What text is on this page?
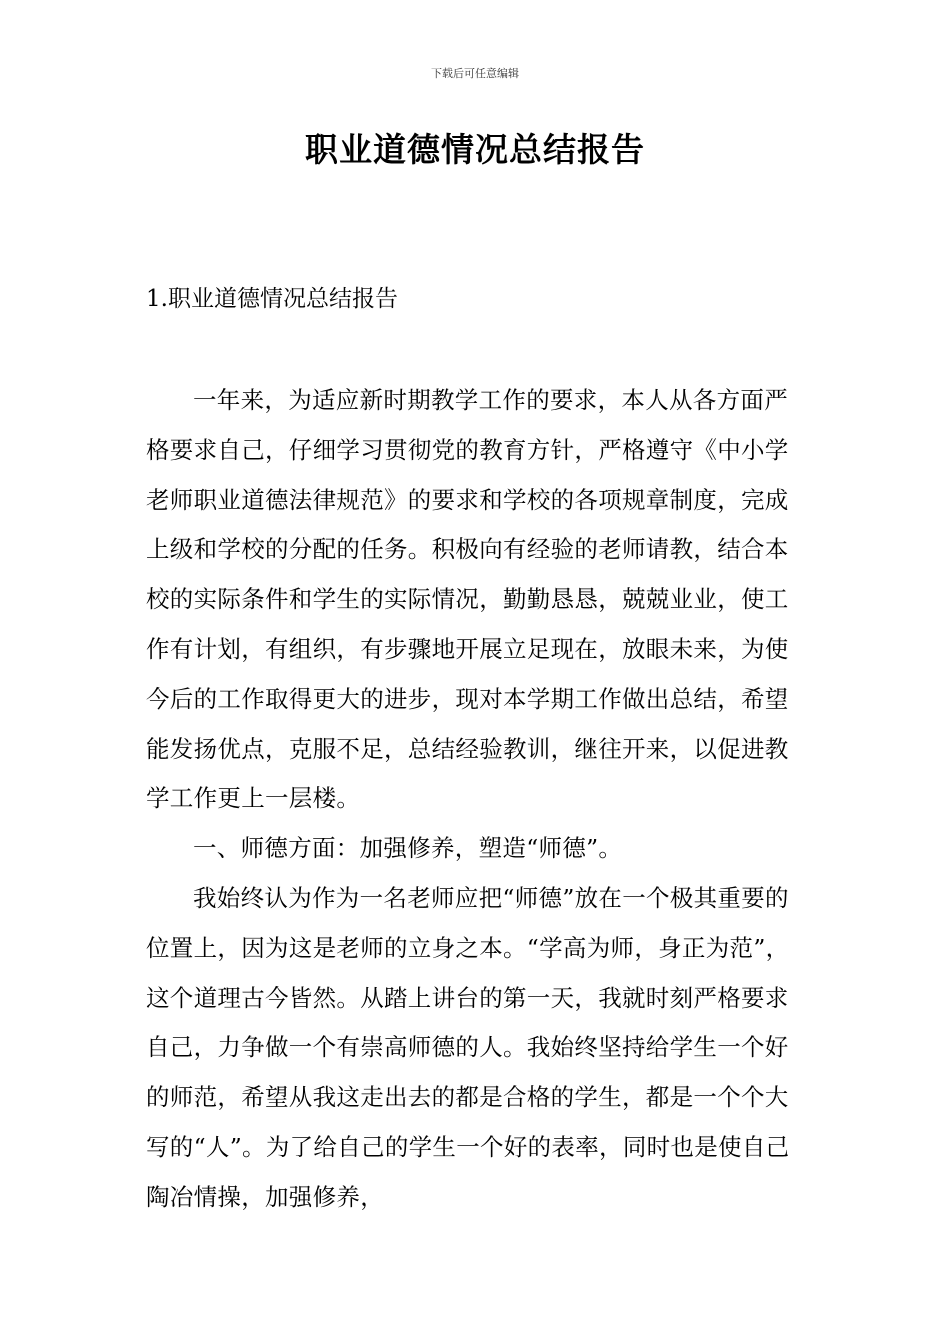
下载后可任意编辑
职业道德情况总结报告
1.职业道德情况总结报告

一年来，为适应新时期教学工作的要求，本人从各方面严格要求自己，仔细学习贯彻党的教育方针，严格遵守《中小学老师职业道德法律规范》的要求和学校的各项规章制度，完成上级和学校的分配的任务。积极向有经验的老师请教，结合本校的实际条件和学生的实际情况，勤勤恳恳，兢兢业业，使工作有计划，有组织，有步骤地开展立足现在，放眼未来，为使今后的工作取得更大的进步，现对本学期工作做出总结，希望能发扬优点，克服不足，总结经验教训，继往开来，以促进教学工作更上一层楼。

一、师德方面：加强修养，塑造“师德”。

我始终认为作为一名老师应把“师德”放在一个极其重要的位置上，因为这是老师的立身之本。“学高为师，身正为范”，这个道理古今皆然。从踏上讲台的第一天，我就时刻严格要求自己，力争做一个有崇高师德的人。我始终坚持给学生一个好的师范，希望从我这走出去的都是合格的学生，都是一个个大写的“人”。为了给自己的学生一个好的表率，同时也是使自己陶冶情操，加强修养，
